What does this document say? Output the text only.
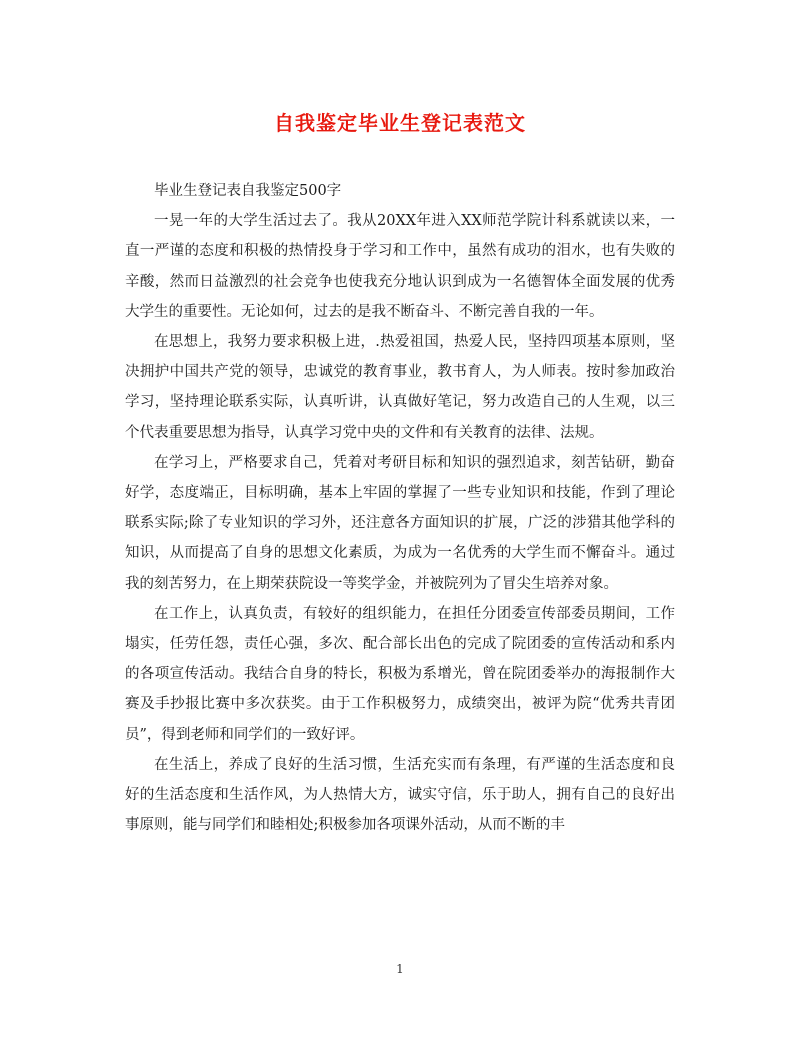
自我鉴定毕业生登记表范文

毕业生登记表自我鉴定500字

一晃一年的大学生活过去了。我从20XX年进入XX师范学院计科系就读以来，一直一严谨的态度和积极的热情投身于学习和工作中，虽然有成功的泪水，也有失败的辛酸，然而日益激烈的社会竞争也使我充分地认识到成为一名德智体全面发展的优秀大学生的重要性。无论如何，过去的是我不断奋斗、不断完善自我的一年。

在思想上，我努力要求积极上进，.热爱祖国，热爱人民，坚持四项基本原则，坚决拥护中国共产党的领导，忠诚党的教育事业，教书育人，为人师表。按时参加政治学习，坚持理论联系实际，认真听讲，认真做好笔记，努力改造自己的人生观，以三个代表重要思想为指导，认真学习党中央的文件和有关教育的法律、法规。

在学习上，严格要求自己，凭着对考研目标和知识的强烈追求，刻苦钻研，勤奋好学，态度端正，目标明确，基本上牢固的掌握了一些专业知识和技能，作到了理论联系实际;除了专业知识的学习外，还注意各方面知识的扩展，广泛的涉猎其他学科的知识，从而提高了自身的思想文化素质，为成为一名优秀的大学生而不懈奋斗。通过我的刻苦努力，在上期荣获院设一等奖学金，并被院列为了冒尖生培养对象。

在工作上，认真负责，有较好的组织能力，在担任分团委宣传部委员期间，工作塌实，任劳任怨，责任心强，多次、配合部长出色的完成了院团委的宣传活动和系内的各项宣传活动。我结合自身的特长，积极为系增光，曾在院团委举办的海报制作大赛及手抄报比赛中多次获奖。由于工作积极努力，成绩突出，被评为院“优秀共青团员”，得到老师和同学们的一致好评。

在生活上，养成了良好的生活习惯，生活充实而有条理，有严谨的生活态度和良好的生活态度和生活作风，为人热情大方，诚实守信，乐于助人，拥有自己的良好出事原则，能与同学们和睦相处;积极参加各项课外活动，从而不断的丰

1
